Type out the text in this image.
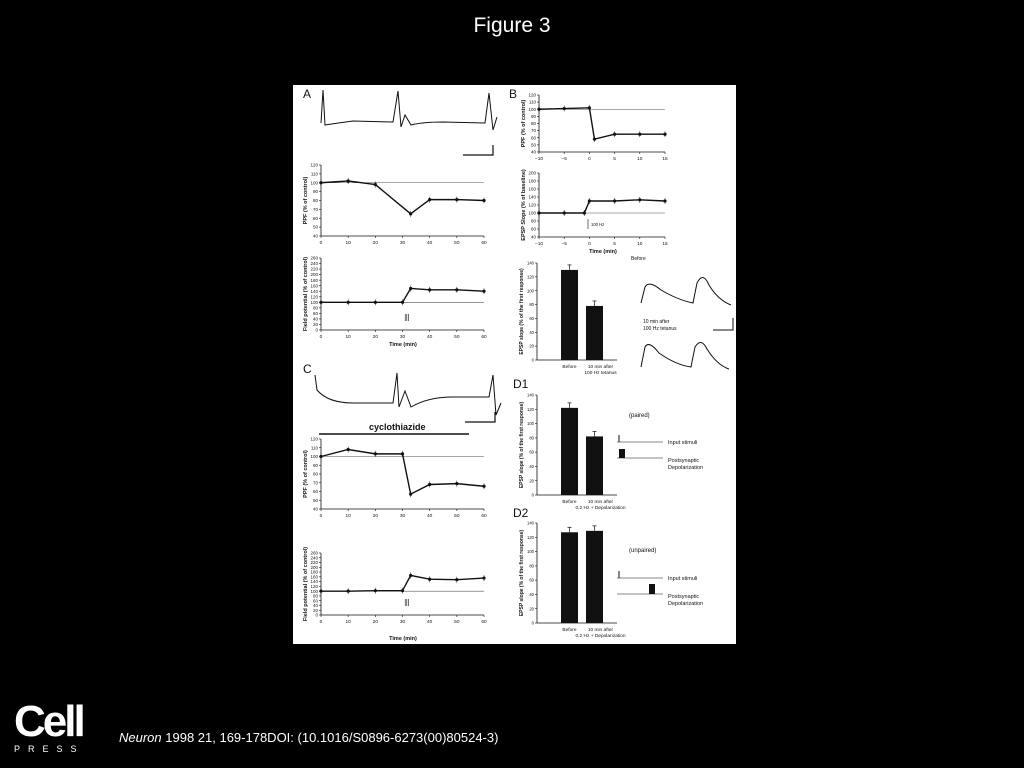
Figure 3
A	B
C
D1
D2
cyclothiazide
Before
10 min after
100 Hz tetanus
(paired)
Input stimuli
Postsynaptic
Depolarization
(unpaired)
Input stimuli
Postsynaptic
Depolarization
40
50
60
70
80
90
100
110
120
0	10	20	30	40	50	60
PPF (% of control)
0
20
40
60
80
100
120
140
160
180
200
220
240
260
0	10	20	30	40	50	60
Field potential (% of control)
Time (min)
40
50
60
70
80
90
100
110
120
−10	−5	0	5	10	15
PPF (% of control)
40
60
80
100
120
140
160
180
200
−10	−5	0	5	10	15
EPSP Slope (% of baseline)
Time (min)
100 Hz
0
20
40
60
80
100
120
140
EPSP slope (% of the first response)
Before 10 min after
100 Hz tetanus
40
50
60
70
80
90
100
110
120
0	10	20	30	40	50	60
PPF (% of control)
0
20
40
60
80
100
120
140
160
180
200
220
240
260
0	10	20	30	40	50	60
Field potential (% of control)
Time (min)
0
20
40
60
80
100
120
140
EPSP slope (% of the first response)
Before 10 min after
0.2 Hz + Depolarization
0
20
40
60
80
100
120
140
EPSP slope (% of the first response)
Before 10 min after
0.2 Hz + Depolarization
Cell
PRESS
Neuron 1998 21, 169-178DOI: (10.1016/S0896-6273(00)80524-3)
